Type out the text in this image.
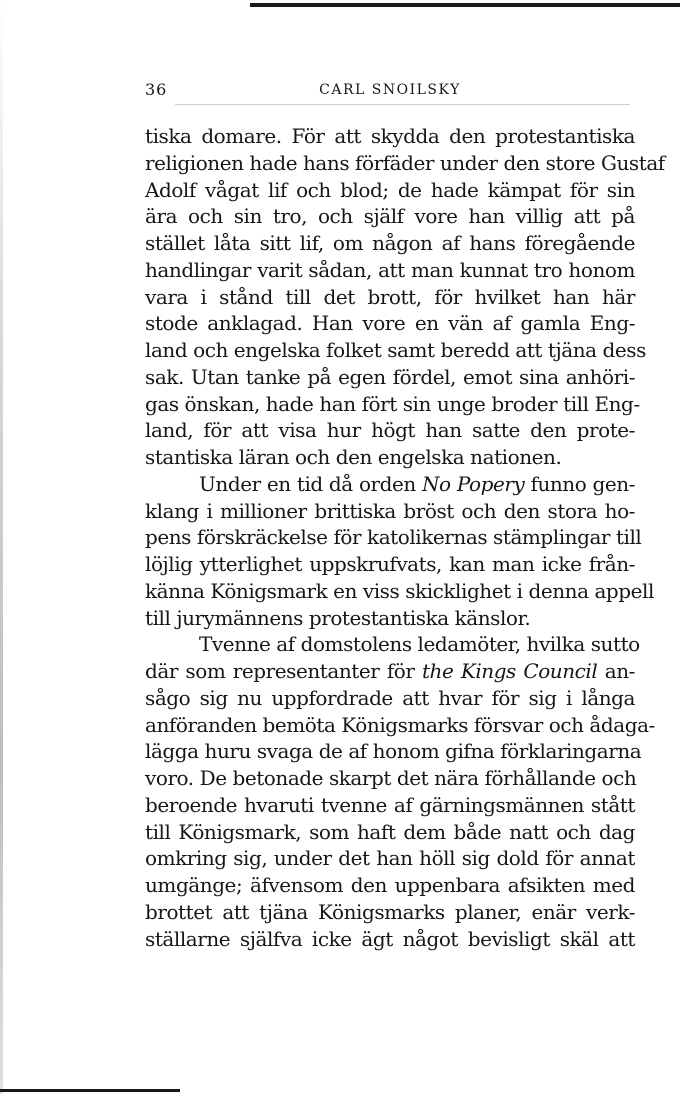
36	CARL SNOILSKY
tiska domare. För att skydda den protestantiska
religionen hade hans förfäder under den store Gustaf
Adolf vågat lif och blod; de hade kämpat för sin
ära och sin tro, och själf vore han villig att på
stället låta sitt lif, om någon af hans föregående
handlingar varit sådan, att man kunnat tro honom
vara i stånd till det brott, för hvilket han här
stode anklagad. Han vore en vän af gamla Eng-
land och engelska folket samt beredd att tjäna dess
sak. Utan tanke på egen fördel, emot sina anhöri-
gas önskan, hade han fört sin unge broder till Eng-
land, för att visa hur högt han satte den prote-
stantiska läran och den engelska nationen.
Under en tid då orden No Popery funno gen-
klang i millioner brittiska bröst och den stora ho-
pens förskräckelse för katolikernas stämplingar till
löjlig ytterlighet uppskrufvats, kan man icke från-
känna Königsmark en viss skicklighet i denna appell
till jurymännens protestantiska känslor.
Tvenne af domstolens ledamöter, hvilka sutto
där som representanter för the Kings Council an-
sågo sig nu uppfordrade att hvar för sig i långa
anföranden bemöta Königsmarks försvar och ådaga-
lägga huru svaga de af honom gifna förklaringarna
voro. De betonade skarpt det nära förhållande och
beroende hvaruti tvenne af gärningsmännen stått
till Königsmark, som haft dem både natt och dag
omkring sig, under det han höll sig dold för annat
umgänge; äfvensom den uppenbara afsikten med
brottet att tjäna Königsmarks planer, enär verk-
ställarne själfva icke ägt något bevisligt skäl att
